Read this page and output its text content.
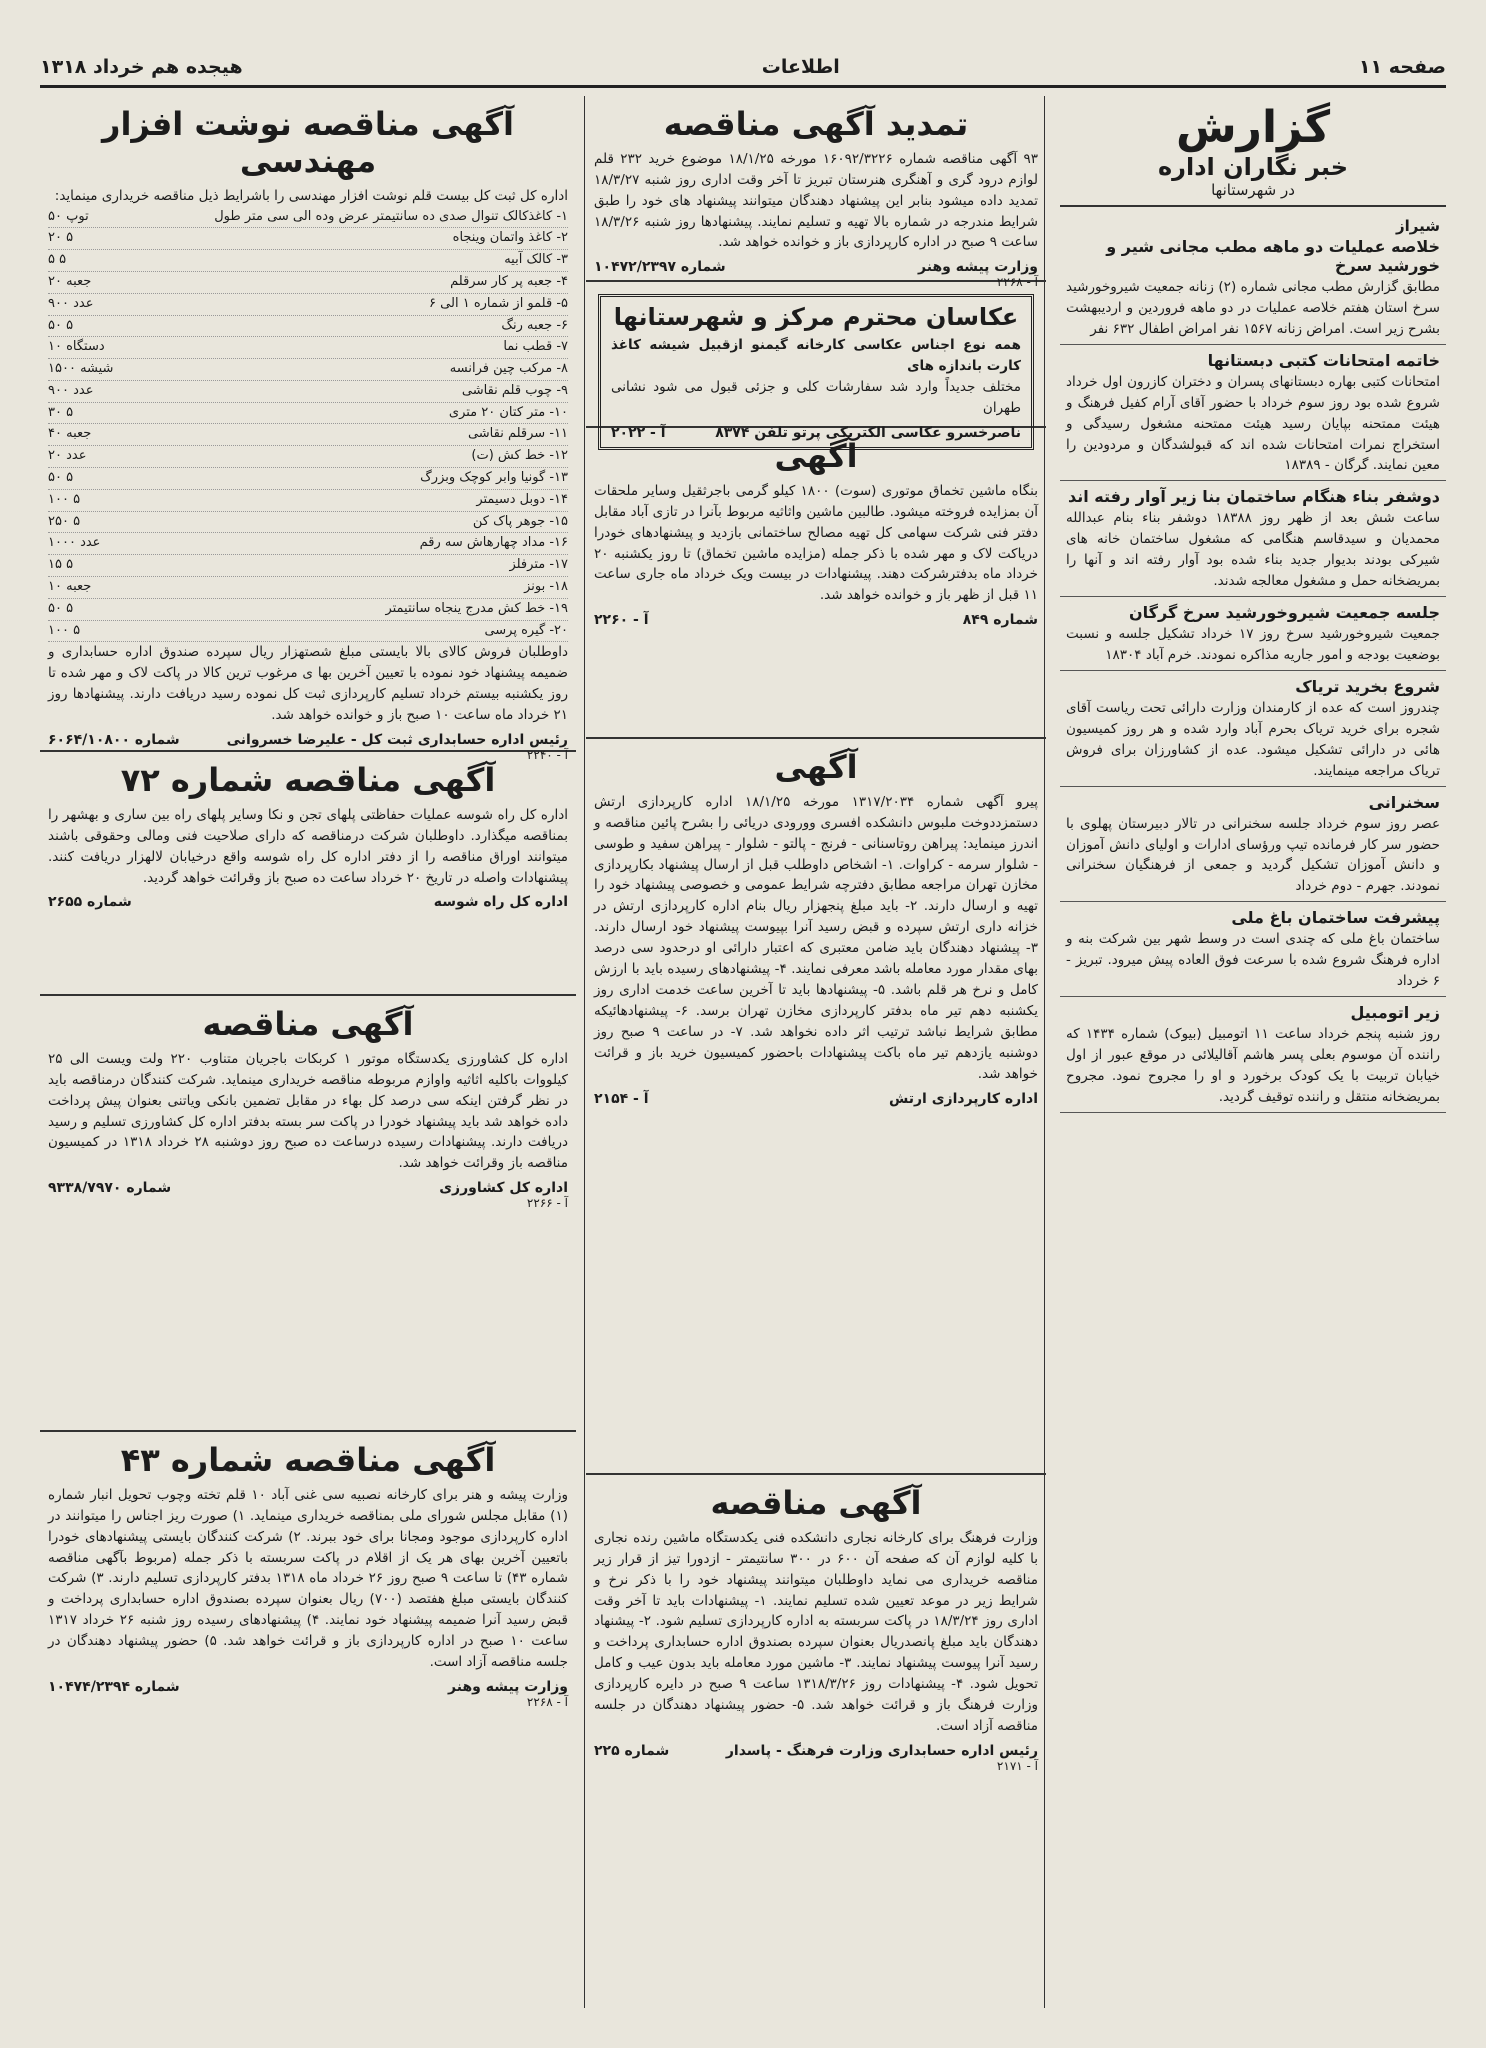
صفحه ۱۱
اطلاعات
هیجده هم خرداد ۱۳۱۸
گزارش
خبر نگاران اداره
در شهرستانها
شیراز
خلاصه عملیات دو ماهه مطب مجانی شیر و خورشید سرخ
مطابق گزارش مطب مجانی شماره (۲) زنانه جمعیت شیروخورشید سرخ استان هفتم خلاصه عملیات در دو ماهه فروردین و اردیبهشت بشرح زیر است. امراض زنانه ۱۵۶۷ نفر امراض اطفال ۶۳۲ نفر
خاتمه امتحانات کتبی دبستانها
امتحانات کتبی بهاره دبستانهای پسران و دختران کازرون اول خرداد شروع شده بود روز سوم خرداد با حضور آقای آرام کفیل فرهنگ و هیئت ممتحنه بپایان رسید هیئت ممتحنه مشغول رسیدگی و استخراج نمرات امتحانات شده اند که قبولشدگان و مردودین را معین نمایند. گرگان - ۱۸۳۸۹
دوشفر بناء هنگام ساختمان بنا زیر آوار رفته اند
ساعت شش بعد از ظهر روز ۱۸۳۸۸ دوشفر بناء بنام عبدالله محمدیان و سیدقاسم هنگامی که مشغول ساختمان خانه های شیرکی بودند بدیوار جدید بناء شده بود آوار رفته اند و آنها را بمریضخانه حمل و مشغول معالجه شدند.
جلسه جمعیت شیروخورشید سرخ گرگان
جمعیت شیروخورشید سرخ روز ۱۷ خرداد تشکیل جلسه و نسبت بوضعیت بودجه و امور جاریه مذاکره نمودند. خرم آباد ۱۸۳۰۴
شروع بخرید تریاک
چندروز است که عده از کارمندان وزارت دارائی تحت ریاست آقای شجره برای خرید تریاک بحرم آباد وارد شده و هر روز کمیسیون هائی در دارائی تشکیل میشود. عده از کشاورزان برای فروش تریاک مراجعه مینمایند.
سخنرانی
عصر روز سوم خرداد جلسه سخنرانی در تالار دبیرستان پهلوی با حضور سر کار فرمانده تیپ ورؤسای ادارات و اولیای دانش آموزان و دانش آموزان تشکیل گردید و جمعی از فرهنگیان سخنرانی نمودند. جهرم - دوم خرداد
پیشرفت ساختمان باغ ملی
ساختمان باغ ملی که چندی است در وسط شهر بین شرکت بنه و اداره فرهنگ شروع شده با سرعت فوق العاده پیش میرود. تبریز - ۶ خرداد
زیر اتومبیل
روز شنبه پنجم خرداد ساعت ۱۱ اتومبیل (بیوک) شماره ۱۴۳۴ که راننده آن موسوم بعلی پسر هاشم آقالیلائی در موقع عبور از اول خیابان تربیت با یک کودک برخورد و او را مجروح نمود. مجروح بمریضخانه منتقل و راننده توقیف گردید.
تمدید آگهی مناقصه
۹۳ آگهی مناقصه شماره ۱۶۰۹۲/۳۲۲۶ مورخه ۱۸/۱/۲۵ موضوع خرید ۲۳۲ قلم لوازم درود گری و آهنگری هنرستان تبریز تا آخر وقت اداری روز شنبه ۱۸/۳/۲۷ تمدید داده میشود بنابر این پیشنهاد دهندگان میتوانند پیشنهاد های خود را طبق شرایط مندرجه در شماره بالا تهیه و تسلیم نمایند. پیشنهادها روز شنبه ۱۸/۳/۲۶ ساعت ۹ صبح در اداره کارپردازی باز و خوانده خواهد شد.
وزارت پیشه وهنر
شماره ۱۰۴۷۲/۲۳۹۷
آ - ۲۲۶۸
عکاسان محترم مرکز و شهرستانها
همه نوع اجناس عکاسی کارخانه گیمنو ازقبیل شیشه کاغذ کارت باندازه های
مختلف جدیداً وارد شد سفارشات کلی و جزئی قبول می شود نشانی طهران
ناصرخسرو عکاسی الکتریکی پرتو تلفن ۸۳۷۴
آ - ۲۰۲۲
آگهی
بنگاه ماشین تخماق موتوری (سوت) ۱۸۰۰ کیلو گرمی باجرثقیل وسایر ملحقات آن بمزایده فروخته میشود. طالبین ماشین واثاثیه مربوط بآنرا در تازی آباد مقابل دفتر فنی شرکت سهامی کل تهیه مصالح ساختمانی بازدید و پیشنهادهای خودرا دریاکت لاک و مهر شده با ذکر جمله (مزایده ماشین تخماق) تا روز یکشنبه ۲۰ خرداد ماه بدفترشرکت دهند. پیشنهادات در بیست ویک خرداد ماه جاری ساعت ۱۱ قبل از ظهر باز و خوانده خواهد شد.
شماره ۸۴۹
آ - ۲۲۶۰
آگهی
پیرو آگهی شماره ۱۳۱۷/۲۰۳۴ مورخه ۱۸/۱/۲۵ اداره کارپردازی ارتش دستمزددوخت ملبوس دانشکده افسری وورودی دریائی را بشرح پائین مناقصه و اندرز مینماید: پیراهن روتاسنانی - فرنج - پالتو - شلوار - پیراهن سفید و طوسی - شلوار سرمه - کراوات. ۱- اشخاص داوطلب قبل از ارسال پیشنهاد بکارپردازی مخازن تهران مراجعه مطابق دفترچه شرایط عمومی و خصوصی پیشنهاد خود را تهیه و ارسال دارند. ۲- باید مبلغ پنجهزار ریال بنام اداره کارپردازی ارتش در خزانه داری ارتش سپرده و قبض رسید آنرا بپیوست پیشنهاد خود ارسال دارند. ۳- پیشنهاد دهندگان باید ضامن معتبری که اعتبار دارائی او درحدود سی درصد بهای مقدار مورد معامله باشد معرفی نمایند. ۴- پیشنهادهای رسیده باید با ارزش کامل و نرخ هر قلم باشد. ۵- پیشنهادها باید تا آخرین ساعت خدمت اداری روز یکشنبه دهم تیر ماه بدفتر کارپردازی مخازن تهران برسد. ۶- پیشنهادهائیکه مطابق شرایط نباشد ترتیب اثر داده نخواهد شد. ۷- در ساعت ۹ صبح روز دوشنبه یازدهم تیر ماه باکت پیشنهادات باحضور کمیسیون خرید باز و قرائت خواهد شد.
اداره کارپردازی ارتش
آ - ۲۱۵۴
آگهی مناقصه
وزارت فرهنگ برای کارخانه نجاری دانشکده فنی یکدستگاه ماشین رنده نجاری با کلیه لوازم آن که صفحه آن ۶۰۰ در ۳۰۰ سانتیمتر - ازدورا تیز از قرار زیر مناقصه خریداری می نماید داوطلبان میتوانند پیشنهاد خود را با ذکر نرخ و شرایط زیر در موعد تعیین شده تسلیم نمایند. ۱- پیشنهادات باید تا آخر وقت اداری روز ۱۸/۳/۲۴ در پاکت سربسته به اداره کارپردازی تسلیم شود. ۲- پیشنهاد دهندگان باید مبلغ پانصدریال بعنوان سپرده بصندوق اداره حسابداری پرداخت و رسید آنرا پیوست پیشنهاد نمایند. ۳- ماشین مورد معامله باید بدون عیب و کامل تحویل شود. ۴- پیشنهادات روز ۱۳۱۸/۳/۲۶ ساعت ۹ صبح در دایره کارپردازی وزارت فرهنگ باز و قرائت خواهد شد. ۵- حضور پیشنهاد دهندگان در جلسه مناقصه آزاد است.
رئیس اداره حسابداری وزارت فرهنگ - پاسدار
شماره ۲۲۵
آ - ۲۱۷۱
آگهی مناقصه نوشت افزار مهندسی
اداره کل ثبت کل بیست قلم نوشت افزار مهندسی را باشرایط ذیل مناقصه خریداری مینماید:
۱- کاغذکالک تنوال صدی ده سانتیمتر عرض وده الی سی متر طول
۵۰ توپ
۲- کاغذ واتمان وینجاه
۲۰ ۵
۳- کالک آبیه
۵ ۵
۴- جعبه پر کار سرقلم
۲۰ جعبه
۵- قلمو از شماره ۱ الی ۶
۹۰۰ عدد
۶- جعبه رنگ
۵۰ ۵
۷- قطب نما
۱۰ دستگاه
۸- مرکب چین فرانسه
۱۵۰۰ شیشه
۹- چوب قلم نقاشی
۹۰۰ عدد
۱۰- متر کتان ۲۰ متری
۳۰ ۵
۱۱- سرقلم نقاشی
۴۰ جعبه
۱۲- خط کش (ت)
۲۰ عدد
۱۳- گونیا وابر کوچک وبزرگ
۵۰ ۵
۱۴- دوبل دسیمتر
۱۰۰ ۵
۱۵- جوهر پاک کن
۲۵۰ ۵
۱۶- مداد چهارهاش سه رقم
۱۰۰۰ عدد
۱۷- مترفلز
۱۵ ۵
۱۸- بونز
۱۰ جعبه
۱۹- خط کش مدرج ینجاه سانتیمتر
۵۰ ۵
۲۰- گیره پرسی
۱۰۰ ۵
داوطلبان فروش کالای بالا بایستی مبلغ شصتهزار ریال سپرده صندوق اداره حسابداری و ضمیمه پیشنهاد خود نموده با تعیین آخرین بها ی مرغوب ترین کالا در پاکت لاک و مهر شده تا روز یکشنبه بیستم خرداد تسلیم کارپردازی ثبت کل نموده رسید دریافت دارند. پیشنهادها روز ۲۱ خرداد ماه ساعت ۱۰ صبح باز و خوانده خواهد شد.
رئیس اداره حسابداری ثبت کل - علیرضا خسروانی
شماره ۶۰۶۴/۱۰۸۰۰
آ - ۲۲۴۰
آگهی مناقصه شماره ۷۲
اداره کل راه شوسه عملیات حفاظتی پلهای تجن و نکا وسایر پلهای راه بین ساری و بهشهر را بمناقصه میگذارد. داوطلبان شرکت درمناقصه که دارای صلاحیت فنی ومالی وحقوقی باشند میتوانند اوراق مناقصه را از دفتر اداره کل راه شوسه واقع درخیابان لالهزار دریافت کنند. پیشنهادات واصله در تاریخ ۲۰ خرداد ساعت ده صبح باز وقرائت خواهد گردید.
اداره کل راه شوسه
شماره ۲۶۵۵
آگهی مناقصه
اداره کل کشاورزی یکدستگاه موتور ۱ کربکات باجریان متناوب ۲۲۰ ولت ویست الی ۲۵ کیلووات باکلیه اثاثیه واوازم مربوطه مناقصه خریداری مینماید. شرکت کنندگان درمناقصه باید در نظر گرفتن اینکه سی درصد کل بهاء در مقابل تضمین بانکی ویاتنی بعنوان پیش پرداخت داده خواهد شد باید پیشنهاد خودرا در پاکت سر بسته بدفتر اداره کل کشاورزی تسلیم و رسید دریافت دارند. پیشنهادات رسیده درساعت ده صبح روز دوشنبه ۲۸ خرداد ۱۳۱۸ در کمیسیون مناقصه باز وقرائت خواهد شد.
اداره کل کشاورزی
شماره ۹۳۳۸/۷۹۷۰
آ - ۲۲۶۶
آگهی مناقصه شماره ۴۳
وزارت پیشه و هنر برای کارخانه نصبیه سی غنی آباد ۱۰ قلم تخته وچوب تحویل انبار شماره (۱) مقابل مجلس شورای ملی بمناقصه خریداری مینماید. ۱) صورت ریز اجناس را میتوانند در اداره کارپردازی موجود ومجانا برای خود ببرند. ۲) شرکت کنندگان بایستی پیشنهادهای خودرا باتعیین آخرین بهای هر یک از اقلام در پاکت سربسته با ذکر جمله (مربوط بآگهی مناقصه شماره ۴۳) تا ساعت ۹ صبح روز ۲۶ خرداد ماه ۱۳۱۸ بدفتر کارپردازی تسلیم دارند. ۳) شرکت کنندگان بایستی مبلغ هفتصد (۷۰۰) ریال بعنوان سپرده بصندوق اداره حسابداری پرداخت و قبض رسید آنرا ضمیمه پیشنهاد خود نمایند. ۴) پیشنهادهای رسیده روز شنبه ۲۶ خرداد ۱۳۱۷ ساعت ۱۰ صبح در اداره کارپردازی باز و قرائت خواهد شد. ۵) حضور پیشنهاد دهندگان در جلسه مناقصه آزاد است.
وزارت پیشه وهنر
شماره ۱۰۴۷۴/۲۳۹۴
آ - ۲۲۶۸
